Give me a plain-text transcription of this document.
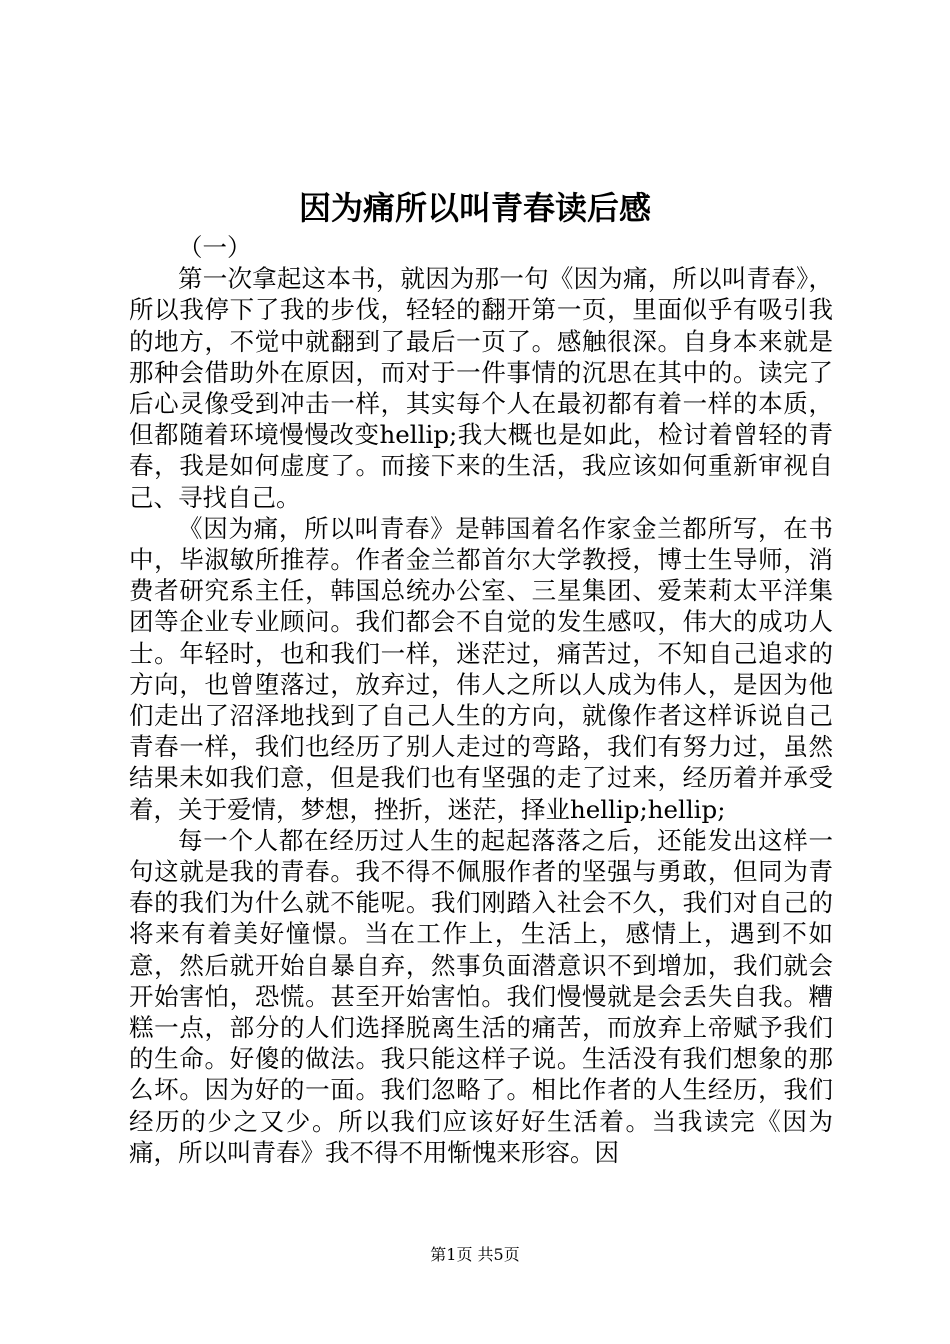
因为痛所以叫青春读后感

（一）

第一次拿起这本书，就因为那一句《因为痛，所以叫青春》，所以我停下了我的步伐，轻轻的翻开第一页，里面似乎有吸引我的地方，不觉中就翻到了最后一页了。感触很深。自身本来就是那种会借助外在原因，而对于一件事情的沉思在其中的。读完了后心灵像受到冲击一样，其实每个人在最初都有着一样的本质，但都随着环境慢慢改变hellip;我大概也是如此，检讨着曾轻的青春，我是如何虚度了。而接下来的生活，我应该如何重新审视自己、寻找自己。

《因为痛，所以叫青春》是韩国着名作家金兰都所写，在书中，毕淑敏所推荐。作者金兰都首尔大学教授，博士生导师，消费者研究系主任，韩国总统办公室、三星集团、爱茉莉太平洋集团等企业专业顾问。我们都会不自觉的发生感叹，伟大的成功人士。年轻时，也和我们一样，迷茫过，痛苦过，不知自己追求的方向，也曾堕落过，放弃过，伟人之所以人成为伟人，是因为他们走出了沼泽地找到了自己人生的方向，就像作者这样诉说自己青春一样，我们也经历了别人走过的弯路，我们有努力过，虽然结果未如我们意，但是我们也有坚强的走了过来，经历着并承受着，关于爱情，梦想，挫折，迷茫，择业hellip;hellip;

每一个人都在经历过人生的起起落落之后，还能发出这样一句这就是我的青春。我不得不佩服作者的坚强与勇敢，但同为青春的我们为什么就不能呢。我们刚踏入社会不久，我们对自己的将来有着美好憧憬。当在工作上，生活上，感情上，遇到不如意，然后就开始自暴自弃，然事负面潜意识不到增加，我们就会开始害怕，恐慌。甚至开始害怕。我们慢慢就是会丢失自我。糟糕一点，部分的人们选择脱离生活的痛苦，而放弃上帝赋予我们的生命。好傻的做法。我只能这样子说。生活没有我们想象的那么坏。因为好的一面。我们忽略了。相比作者的人生经历，我们经历的少之又少。所以我们应该好好生活着。当我读完《因为痛，所以叫青春》我不得不用惭愧来形容。因

第1页 共5页
